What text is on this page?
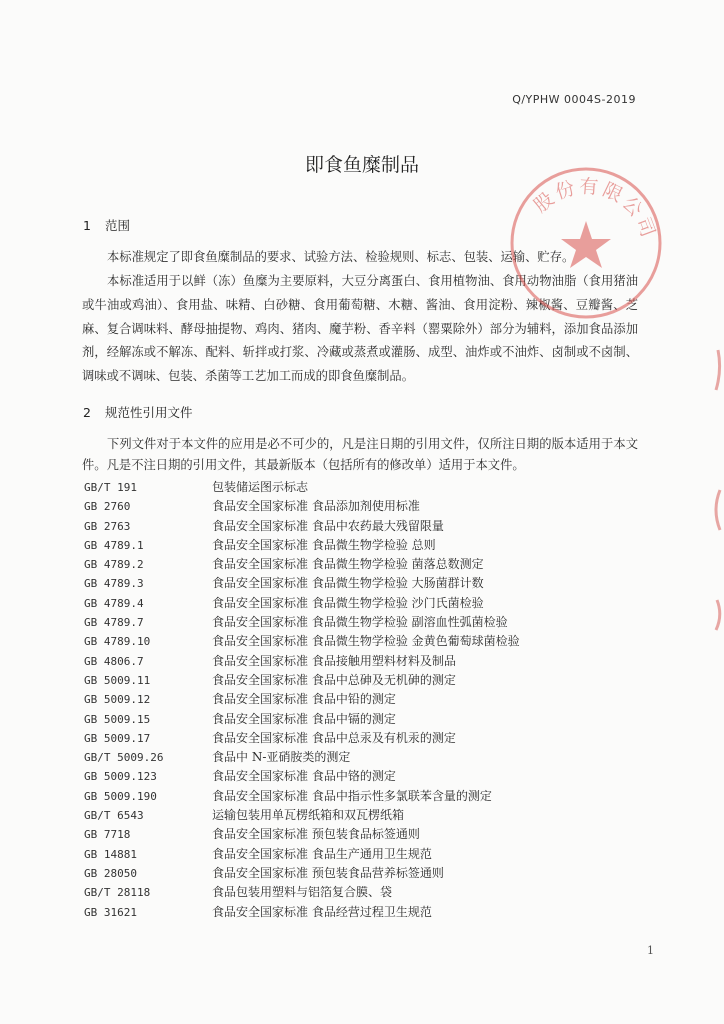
Q/YPHW 0004S-2019
即食鱼糜制品
1 范围
本标准规定了即食鱼糜制品的要求、试验方法、检验规则、标志、包装、运输、贮存。
本标准适用于以鲜（冻）鱼糜为主要原料，大豆分离蛋白、食用植物油、食用动物油脂（食用猪油或牛油或鸡油）、食用盐、味精、白砂糖、食用葡萄糖、木糖、酱油、食用淀粉、辣椒酱、豆瓣酱、芝麻、复合调味料、酵母抽提物、鸡肉、猪肉、魔芋粉、香辛料（罂粟除外）部分为辅料，添加食品添加剂，经解冻或不解冻、配料、斩拌或打浆、冷藏或蒸煮或灌肠、成型、油炸或不油炸、卤制或不卤制、调味或不调味、包装、杀菌等工艺加工而成的即食鱼糜制品。
2 规范性引用文件
下列文件对于本文件的应用是必不可少的，凡是注日期的引用文件，仅所注日期的版本适用于本文件。凡是不注日期的引用文件，其最新版本（包括所有的修改单）适用于本文件。
GB/T 191	包装储运图示标志
GB 2760	食品安全国家标准 食品添加剂使用标准
GB 2763	食品安全国家标准 食品中农药最大残留限量
GB 4789.1	食品安全国家标准 食品微生物学检验 总则
GB 4789.2	食品安全国家标准 食品微生物学检验 菌落总数测定
GB 4789.3	食品安全国家标准 食品微生物学检验 大肠菌群计数
GB 4789.4	食品安全国家标准 食品微生物学检验 沙门氏菌检验
GB 4789.7	食品安全国家标准 食品微生物学检验 副溶血性弧菌检验
GB 4789.10	食品安全国家标准 食品微生物学检验 金黄色葡萄球菌检验
GB 4806.7	食品安全国家标准 食品接触用塑料材料及制品
GB 5009.11	食品安全国家标准 食品中总砷及无机砷的测定
GB 5009.12	食品安全国家标准 食品中铅的测定
GB 5009.15	食品安全国家标准 食品中镉的测定
GB 5009.17	食品安全国家标准 食品中总汞及有机汞的测定
GB/T 5009.26	食品中 N-亚硝胺类的测定
GB 5009.123	食品安全国家标准 食品中铬的测定
GB 5009.190	食品安全国家标准 食品中指示性多氯联苯含量的测定
GB/T 6543	运输包装用单瓦楞纸箱和双瓦楞纸箱
GB 7718	食品安全国家标准 预包装食品标签通则
GB 14881	食品安全国家标准 食品生产通用卫生规范
GB 28050	食品安全国家标准 预包装食品营养标签通则
GB/T 28118	食品包装用塑料与铝箔复合膜、袋
GB 31621	食品安全国家标准 食品经营过程卫生规范
1
股份有限公司
